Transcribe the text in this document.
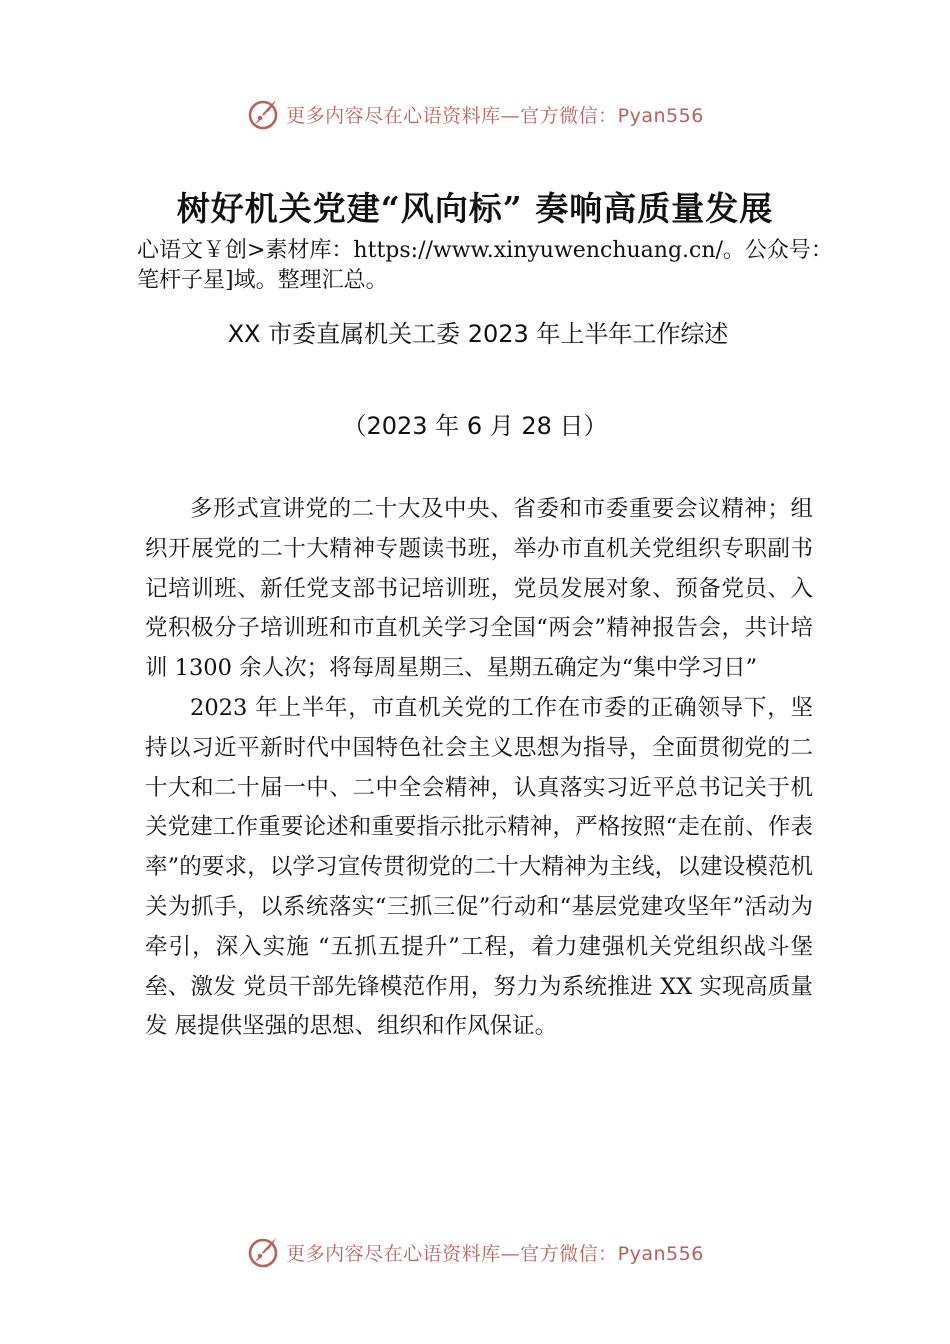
更多内容尽在心语资料库—官方微信：Pyan556
树好机关党建“风向标” 奏响高质量发展
心语文￥创>素材库：https://www.xinyuwenchuang.cn/。公众号：笔杆子星]域。整理汇总。
XX 市委直属机关工委 2023 年上半年工作综述
（2023 年 6 月 28 日）

多形式宣讲党的二十大及中央、省委和市委重要会议精神；组织开展党的二十大精神专题读书班，举办市直机关党组织专职副书记培训班、新任党支部书记培训班，党员发展对象、预备党员、入党积极分子培训班和市直机关学习全国“两会”精神报告会，共计培训 1300 余人次；将每周星期三、星期五确定为“集中学习日”

2023 年上半年，市直机关党的工作在市委的正确领导下，坚持以习近平新时代中国特色社会主义思想为指导，全面贯彻党的二十大和二十届一中、二中全会精神，认真落实习近平总书记关于机关党建工作重要论述和重要指示批示精神，严格按照“走在前、作表率”的要求，以学习宣传贯彻党的二十大精神为主线，以建设模范机关为抓手，以系统落实“三抓三促”行动和“基层党建攻坚年”活动为牵引，深入实施 “五抓五提升”工程，着力建强机关党组织战斗堡垒、激发 党员干部先锋模范作用，努力为系统推进 XX 实现高质量发 展提供坚强的思想、组织和作风保证。

更多内容尽在心语资料库—官方微信：Pyan556
